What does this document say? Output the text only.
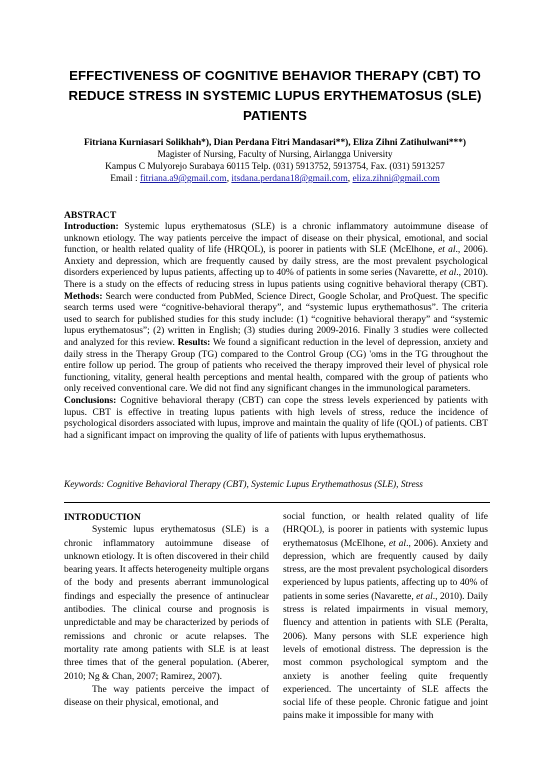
EFFECTIVENESS OF COGNITIVE BEHAVIOR THERAPY (CBT) TO REDUCE STRESS IN SYSTEMIC LUPUS ERYTHEMATOSUS (SLE) PATIENTS
Fitriana Kurniasari Solikhah*), Dian Perdana Fitri Mandasari**), Eliza Zihni Zatihulwani***)
Magister of Nursing, Faculty of Nursing, Airlangga University
Kampus C Mulyorejo Surabaya 60115 Telp. (031) 5913752, 5913754, Fax. (031) 5913257
Email : fitriana.a9@gmail.com, itsdana.perdana18@gmail.com, eliza.zihni@gmail.com
ABSTRACT

Introduction: Systemic lupus erythematosus (SLE) is a chronic inflammatory autoimmune disease of unknown etiology. The way patients perceive the impact of disease on their physical, emotional, and social function, or health related quality of life (HRQOL), is poorer in patients with SLE (McElhone, et al., 2006). Anxiety and depression, which are frequently caused by daily stress, are the most prevalent psychological disorders experienced by lupus patients, affecting up to 40% of patients in some series (Navarette, et al., 2010). There is a study on the effects of reducing stress in lupus patients using cognitive behavioral therapy (CBT). Methods: Search were conducted from PubMed, Science Direct, Google Scholar, and ProQuest. The specific search terms used were “cognitive-behavioral therapy”, and “systemic lupus erythemathosus”. The criteria used to search for published studies for this study include: (1) “cognitive behavioral therapy” and “systemic lupus erythematosus”; (2) written in English; (3) studies during 2009-2016. Finally 3 studies were collected and analyzed for this review. Results: We found a significant reduction in the level of depression, anxiety and daily stress in the Therapy Group (TG) compared to the Control Group (CG) 'oms in the TG throughout the entire follow up period. The group of patients who received the therapy improved their level of physical role functioning, vitality, general health perceptions and mental health, compared with the group of patients who only received conventional care. We did not find any significant changes in the immunological parameters.

Conclusions: Cognitive behavioral therapy (CBT) can cope the stress levels experienced by patients with lupus. CBT is effective in treating lupus patients with high levels of stress, reduce the incidence of psychological disorders associated with lupus, improve and maintain the quality of life (QOL) of patients. CBT had a significant impact on improving the quality of life of patients with lupus erythemathosus.

Keywords: Cognitive Behavioral Therapy (CBT), Systemic Lupus Erythemathosus (SLE), Stress

INTRODUCTION

Systemic lupus erythematosus (SLE) is a chronic inflammatory autoimmune disease of unknown etiology. It is often discovered in their child bearing years. It affects heterogeneity multiple organs of the body and presents aberrant immunological findings and especially the presence of antinuclear antibodies. The clinical course and prognosis is unpredictable and may be characterized by periods of remissions and chronic or acute relapses. The mortality rate among patients with SLE is at least three times that of the general population. (Aberer, 2010; Ng & Chan, 2007; Ramirez, 2007).

The way patients perceive the impact of disease on their physical, emotional, and

social function, or health related quality of life (HRQOL), is poorer in patients with systemic lupus erythematosus (McElhone, et al., 2006). Anxiety and depression, which are frequently caused by daily stress, are the most prevalent psychological disorders experienced by lupus patients, affecting up to 40% of patients in some series (Navarette, et al., 2010). Daily stress is related impairments in visual memory, fluency and attention in patients with SLE (Peralta, 2006). Many persons with SLE experience high levels of emotional distress. The depression is the most common psychological symptom and the anxiety is another feeling quite frequently experienced. The uncertainty of SLE affects the social life of these people. Chronic fatigue and joint pains make it impossible for many with
